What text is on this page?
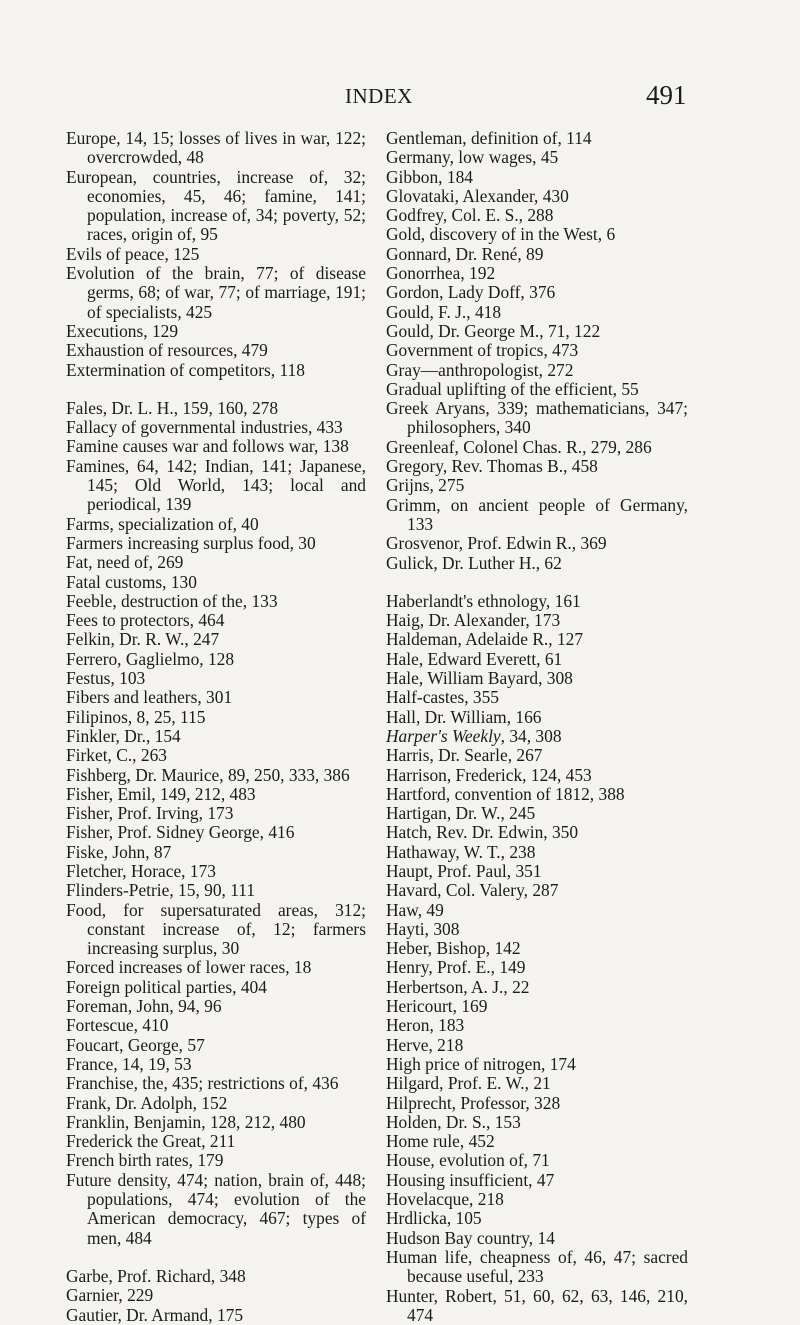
INDEX	491
Europe, 14, 15; losses of lives in war, 122; overcrowded, 48
European, countries, increase of, 32; economies, 45, 46; famine, 141; population, increase of, 34; poverty, 52; races, origin of, 95
Evils of peace, 125
Evolution of the brain, 77; of disease germs, 68; of war, 77; of marriage, 191; of specialists, 425
Executions, 129
Exhaustion of resources, 479
Extermination of competitors, 118
Fales, Dr. L. H., 159, 160, 278
Fallacy of governmental industries, 433
Famine causes war and follows war, 138
Famines, 64, 142; Indian, 141; Japanese, 145; Old World, 143; local and periodical, 139
Farms, specialization of, 40
Farmers increasing surplus food, 30
Fat, need of, 269
Fatal customs, 130
Feeble, destruction of the, 133
Fees to protectors, 464
Felkin, Dr. R. W., 247
Ferrero, Gaglielmo, 128
Festus, 103
Fibers and leathers, 301
Filipinos, 8, 25, 115
Finkler, Dr., 154
Firket, C., 263
Fishberg, Dr. Maurice, 89, 250, 333, 386
Fisher, Emil, 149, 212, 483
Fisher, Prof. Irving, 173
Fisher, Prof. Sidney George, 416
Fiske, John, 87
Fletcher, Horace, 173
Flinders-Petrie, 15, 90, 111
Food, for supersaturated areas, 312; constant increase of, 12; farmers increasing surplus, 30
Forced increases of lower races, 18
Foreign political parties, 404
Foreman, John, 94, 96
Fortescue, 410
Foucart, George, 57
France, 14, 19, 53
Franchise, the, 435; restrictions of, 436
Frank, Dr. Adolph, 152
Franklin, Benjamin, 128, 212, 480
Frederick the Great, 211
French birth rates, 179
Future density, 474; nation, brain of, 448; populations, 474; evolution of the American democracy, 467; types of men, 484
Garbe, Prof. Richard, 348
Garnier, 229
Gautier, Dr. Armand, 175
Gentleman, definition of, 114
Germany, low wages, 45
Gibbon, 184
Glovataki, Alexander, 430
Godfrey, Col. E. S., 288
Gold, discovery of in the West, 6
Gonnard, Dr. René, 89
Gonorrhea, 192
Gordon, Lady Doff, 376
Gould, F. J., 418
Gould, Dr. George M., 71, 122
Government of tropics, 473
Gray—anthropologist, 272
Gradual uplifting of the efficient, 55
Greek Aryans, 339; mathematicians, 347; philosophers, 340
Greenleaf, Colonel Chas. R., 279, 286
Gregory, Rev. Thomas B., 458
Grijns, 275
Grimm, on ancient people of Germany, 133
Grosvenor, Prof. Edwin R., 369
Gulick, Dr. Luther H., 62
Haberlandt's ethnology, 161
Haig, Dr. Alexander, 173
Haldeman, Adelaide R., 127
Hale, Edward Everett, 61
Hale, William Bayard, 308
Half-castes, 355
Hall, Dr. William, 166
Harper's Weekly, 34, 308
Harris, Dr. Searle, 267
Harrison, Frederick, 124, 453
Hartford, convention of 1812, 388
Hartigan, Dr. W., 245
Hatch, Rev. Dr. Edwin, 350
Hathaway, W. T., 238
Haupt, Prof. Paul, 351
Havard, Col. Valery, 287
Haw, 49
Hayti, 308
Heber, Bishop, 142
Henry, Prof. E., 149
Herbertson, A. J., 22
Hericourt, 169
Heron, 183
Herve, 218
High price of nitrogen, 174
Hilgard, Prof. E. W., 21
Hilprecht, Professor, 328
Holden, Dr. S., 153
Home rule, 452
House, evolution of, 71
Housing insufficient, 47
Hovelacque, 218
Hrdlicka, 105
Hudson Bay country, 14
Human life, cheapness of, 46, 47; sacred because useful, 233
Hunter, Robert, 51, 60, 62, 63, 146, 210, 474
